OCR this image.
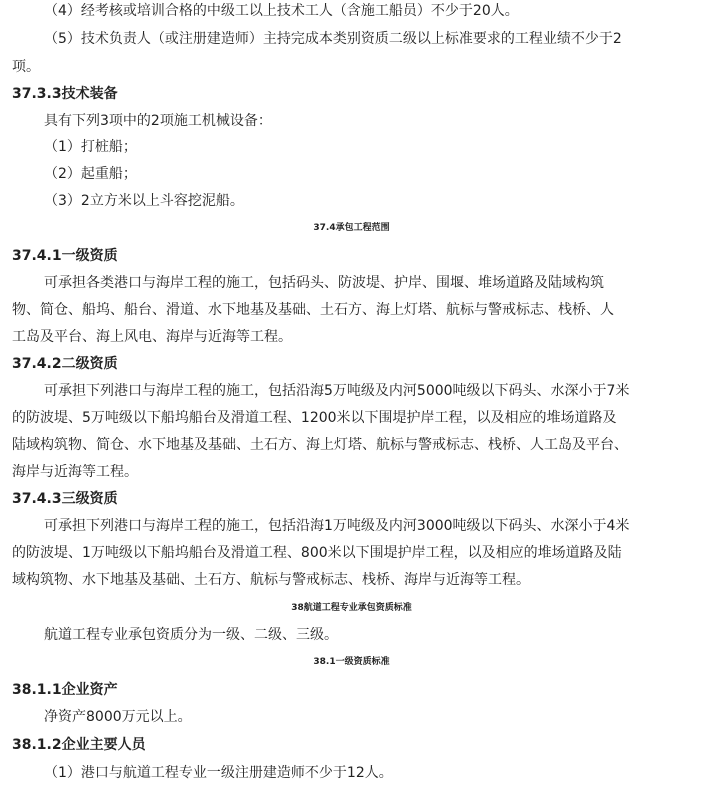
（4）经考核或培训合格的中级工以上技术工人（含施工船员）不少于20人。
（5）技术负责人（或注册建造师）主持完成本类别资质二级以上标准要求的工程业绩不少于2
项。
37.3.3技术装备
具有下列3项中的2项施工机械设备：
（1）打桩船；
（2）起重船；
（3）2立方米以上斗容挖泥船。
37.4承包工程范围
37.4.1一级资质
可承担各类港口与海岸工程的施工，包括码头、防波堤、护岸、围堰、堆场道路及陆域构筑
物、简仓、船坞、船台、滑道、水下地基及基础、土石方、海上灯塔、航标与警戒标志、栈桥、人
工岛及平台、海上风电、海岸与近海等工程。
37.4.2二级资质
可承担下列港口与海岸工程的施工，包括沿海5万吨级及内河5000吨级以下码头、水深小于7米
的防波堤、5万吨级以下船坞船台及滑道工程、1200米以下围堤护岸工程，以及相应的堆场道路及
陆域构筑物、简仓、水下地基及基础、土石方、海上灯塔、航标与警戒标志、栈桥、人工岛及平台、
海岸与近海等工程。
37.4.3三级资质
可承担下列港口与海岸工程的施工，包括沿海1万吨级及内河3000吨级以下码头、水深小于4米
的防波堤、1万吨级以下船坞船台及滑道工程、800米以下围堤护岸工程，以及相应的堆场道路及陆
域构筑物、水下地基及基础、土石方、航标与警戒标志、栈桥、海岸与近海等工程。
38航道工程专业承包资质标准
航道工程专业承包资质分为一级、二级、三级。
38.1一级资质标准
38.1.1企业资产
净资产8000万元以上。
38.1.2企业主要人员
（1）港口与航道工程专业一级注册建造师不少于12人。
